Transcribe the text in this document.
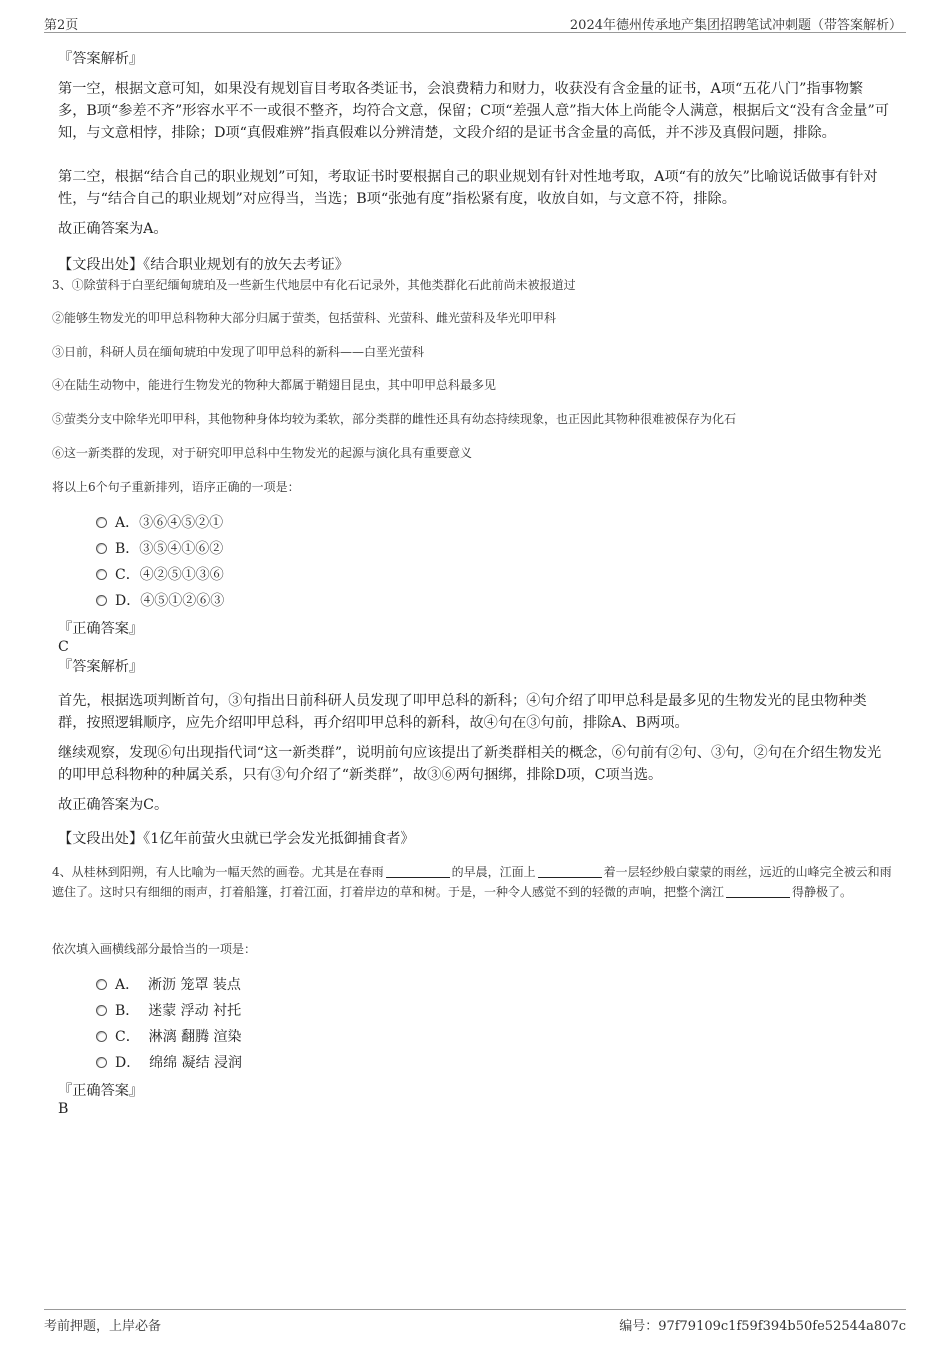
第2页	2024年德州传承地产集团招聘笔试冲刺题（带答案解析）
『答案解析』
第一空，根据文意可知，如果没有规划盲目考取各类证书，会浪费精力和财力，收获没有含金量的证书，A项“五花八门”指事物繁多，B项“参差不齐”形容水平不一或很不整齐，均符合文意，保留；C项“差强人意”指大体上尚能令人满意，根据后文“没有含金量”可知，与文意相悖，排除；D项“真假难辨”指真假难以分辨清楚，文段介绍的是证书含金量的高低，并不涉及真假问题，排除。
第二空，根据“结合自己的职业规划”可知，考取证书时要根据自己的职业规划有针对性地考取，A项“有的放矢”比喻说话做事有针对性，与“结合自己的职业规划”对应得当，当选；B项“张弛有度”指松紧有度，收放自如，与文意不符，排除。
故正确答案为A。
【文段出处】《结合职业规划有的放矢去考证》
3、①除萤科于白垩纪缅甸琥珀及一些新生代地层中有化石记录外，其他类群化石此前尚未被报道过
②能够生物发光的叩甲总科物种大部分归属于萤类，包括萤科、光萤科、雌光萤科及华光叩甲科
③日前，科研人员在缅甸琥珀中发现了叩甲总科的新科——白垩光萤科
④在陆生动物中，能进行生物发光的物种大都属于鞘翅目昆虫，其中叩甲总科最多见
⑤萤类分支中除华光叩甲科，其他物种身体均较为柔软，部分类群的雌性还具有幼态持续现象，也正因此其物种很难被保存为化石
⑥这一新类群的发现，对于研究叩甲总科中生物发光的起源与演化具有重要意义
将以上6个句子重新排列，语序正确的一项是：
A．③⑥④⑤②①
B．③⑤④①⑥②
C．④②⑤①③⑥
D．④⑤①②⑥③
『正确答案』
C
『答案解析』
首先，根据选项判断首句，③句指出日前科研人员发现了叩甲总科的新科；④句介绍了叩甲总科是最多见的生物发光的昆虫物种类群，按照逻辑顺序，应先介绍叩甲总科，再介绍叩甲总科的新科，故④句在③句前，排除A、B两项。
继续观察，发现⑥句出现指代词“这一新类群”，说明前句应该提出了新类群相关的概念，⑥句前有②句、③句，②句在介绍生物发光的叩甲总科物种的种属关系，只有③句介绍了“新类群”，故③⑥两句捆绑，排除D项，C项当选。
故正确答案为C。
【文段出处】《1亿年前萤火虫就已学会发光抵御捕食者》
4、从桂林到阳朔，有人比喻为一幅天然的画卷。尤其是在春雨	的早晨，江面上	着一层轻纱般白蒙蒙的雨丝，远近的山峰完全被云和雨遮住了。这时只有细细的雨声，打着船篷，打着江面，打着岸边的草和树。于是，一种令人感觉不到的轻微的声响，把整个漓江	得静极了。
依次填入画横线部分最恰当的一项是：
A． 淅沥 笼罩 装点
B． 迷蒙 浮动 衬托
C． 淋漓 翻腾 渲染
D． 绵绵 凝结 浸润
『正确答案』
B
考前押题，上岸必备	编号：97f79109c1f59f394b50fe52544a807c
